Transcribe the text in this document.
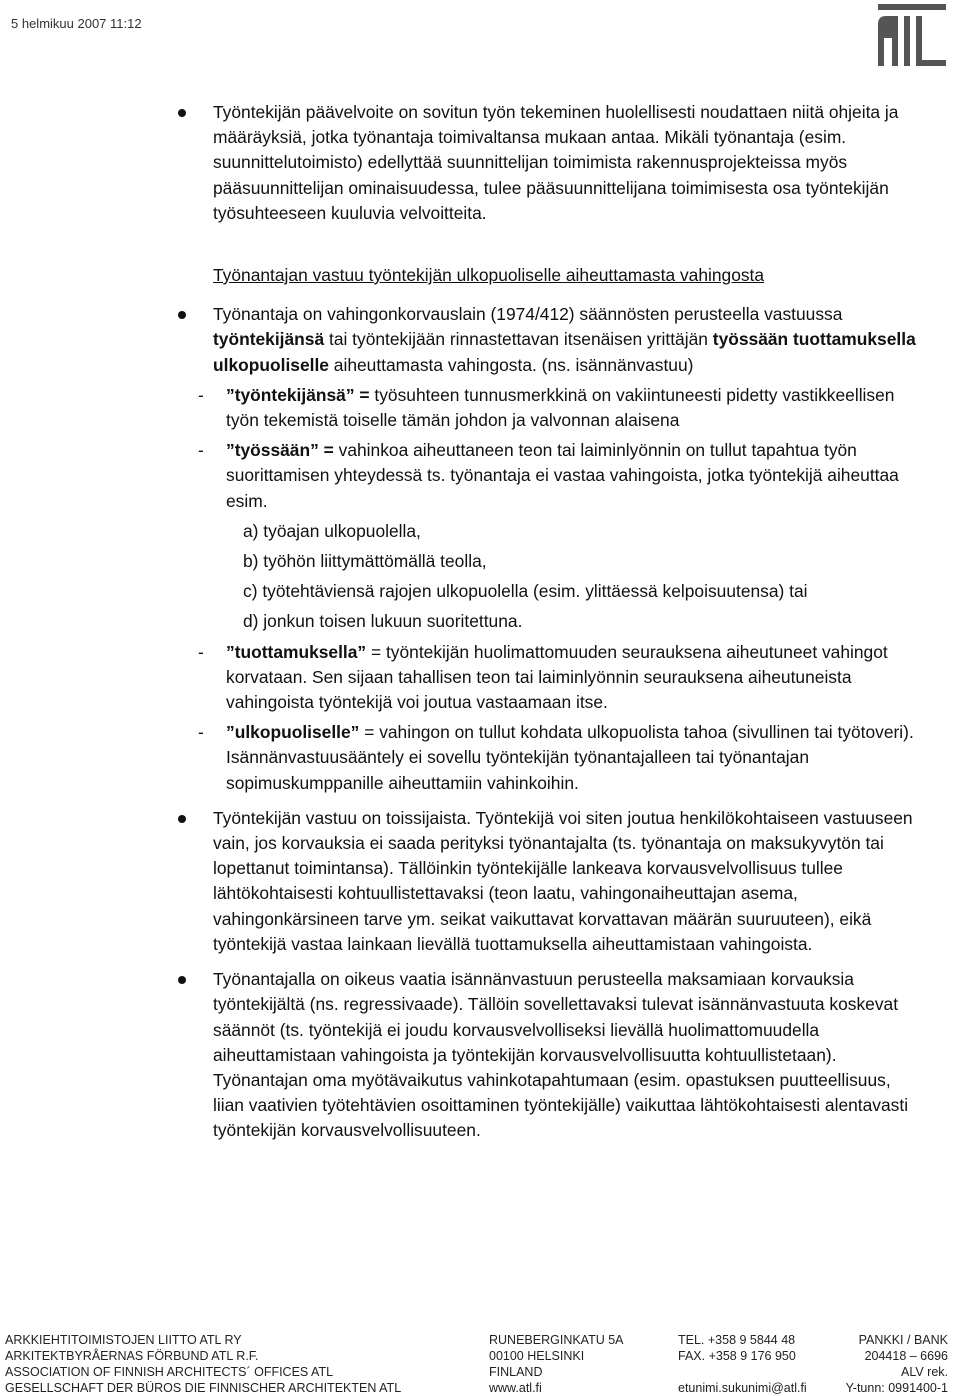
5 helmikuu 2007 11:12
Työntekijän päävelvoite on sovitun työn tekeminen huolellisesti noudattaen niitä ohjeita ja määräyksiä, jotka työnantaja toimivaltansa mukaan antaa. Mikäli työnantaja (esim. suunnittelutoimisto) edellyttää suunnittelijan toimimista rakennusprojekteissa myös pääsuunnittelijan ominaisuudessa, tulee pääsuunnittelijana toimimisesta osa työntekijän työsuhteeseen kuuluvia velvoitteita.
Työnantajan vastuu työntekijän ulkopuoliselle aiheuttamasta vahingosta
Työnantaja on vahingonkorvauslain (1974/412) säännösten perusteella vastuussa työntekijänsä tai työntekijään rinnastettavan itsenäisen yrittäjän työssään tuottamuksella ulkopuoliselle aiheuttamasta vahingosta. (ns. isännänvastuu)
- ”työntekijänsä” = työsuhteen tunnusmerkkinä on vakiintuneesti pidetty vastikkeellisen työn tekemistä toiselle tämän johdon ja valvonnan alaisena
- ”työssään” = vahinkoa aiheuttaneen teon tai laiminlyönnin on tullut tapahtua työn suorittamisen yhteydessä ts. työnantaja ei vastaa vahingoista, jotka työntekijä aiheuttaa esim.
a) työajan ulkopuolella,
b) työhön liittymättömällä teolla,
c) työtehtäviensä rajojen ulkopuolella (esim. ylittäessä kelpoisuutensa) tai
d) jonkun toisen lukuun suoritettuna.
- ”tuottamuksella” = työntekijän huolimattomuuden seurauksena aiheutuneet vahingot korvataan. Sen sijaan tahallisen teon tai laiminlyönnin seurauksena aiheutuneista vahingoista työntekijä voi joutua vastaamaan itse.
- ”ulkopuoliselle” = vahingon on tullut kohdata ulkopuolista tahoa (sivullinen tai työtoveri). Isännänvastuusääntely ei sovellu työntekijän työnantajalleen tai työnantajan sopimuskumppanille aiheuttamiin vahinkoihin.
Työntekijän vastuu on toissijaista. Työntekijä voi siten joutua henkilökohtaiseen vastuuseen vain, jos korvauksia ei saada perityksi työnantajalta (ts. työnantaja on maksukyvytön tai lopettanut toimintansa). Tällöinkin työntekijälle lankeava korvausvelvollisuus tullee lähtökohtaisesti kohtuullistettavaksi (teon laatu, vahingonaiheuttajan asema, vahingonkärsineen tarve ym. seikat vaikuttavat korvattavan määrän suuruuteen), eikä työntekijä vastaa lainkaan lievällä tuottamuksella aiheuttamistaan vahingoista.
Työnantajalla on oikeus vaatia isännänvastuun perusteella maksamiaan korvauksia työntekijältä (ns. regressivaade). Tällöin sovellettavaksi tulevat isännänvastuuta koskevat säännöt (ts. työntekijä ei joudu korvausvelvolliseksi lievällä huolimattomuudella aiheuttamistaan vahingoista ja työntekijän korvausvelvollisuutta kohtuullistetaan). Työnantajan oma myötävaikutus vahinkotapahtumaan (esim. opastuksen puutteellisuus, liian vaativien työtehtävien osoittaminen työntekijälle) vaikuttaa lähtökohtaisesti alentavasti työntekijän korvausvelvollisuuteen.
ARKKIEHTITOIMISTOJEN LIITTO ATL RY
ARKITEKTBYRÅERNAS FÖRBUND ATL R.F.
ASSOCIATION OF FINNISH ARCHITECTS´ OFFICES ATL
GESELLSCHAFT DER BÜROS DIE FINNISCHER ARCHITEKTEN ATL
RUNEBERGINKATU 5A
00100 HELSINKI
FINLAND
www.atl.fi
TEL. +358 9 5844 48
FAX. +358 9 176 950

etunimi.sukunimi@atl.fi
PANKKI / BANK
204418 – 6696
ALV rek.
Y-tunn: 0991400-1
